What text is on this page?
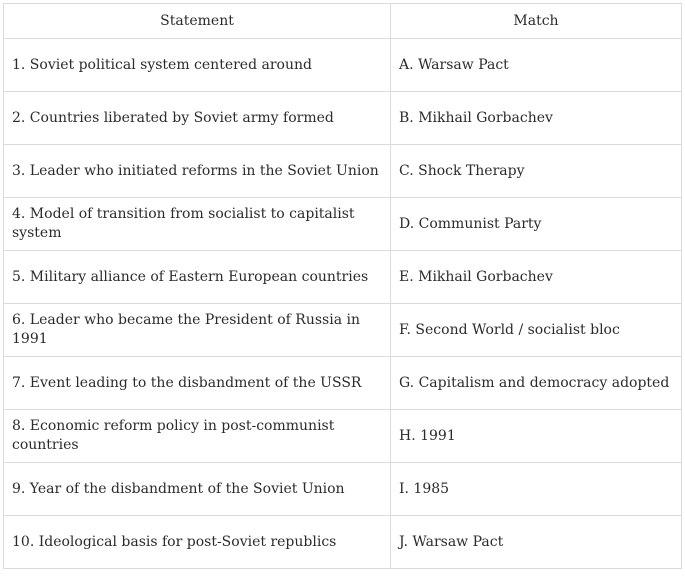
Statement	Match
1. Soviet political system centered around	A. Warsaw Pact
2. Countries liberated by Soviet army formed	B. Mikhail Gorbachev
3. Leader who initiated reforms in the Soviet Union	C. Shock Therapy
4. Model of transition from socialist to capitalist system	D. Communist Party
5. Military alliance of Eastern European countries	E. Mikhail Gorbachev
6. Leader who became the President of Russia in 1991	F. Second World / socialist bloc
7. Event leading to the disbandment of the USSR	G. Capitalism and democracy adopted
8. Economic reform policy in post-communist countries	H. 1991
9. Year of the disbandment of the Soviet Union	I. 1985
10. Ideological basis for post-Soviet republics	J. Warsaw Pact
